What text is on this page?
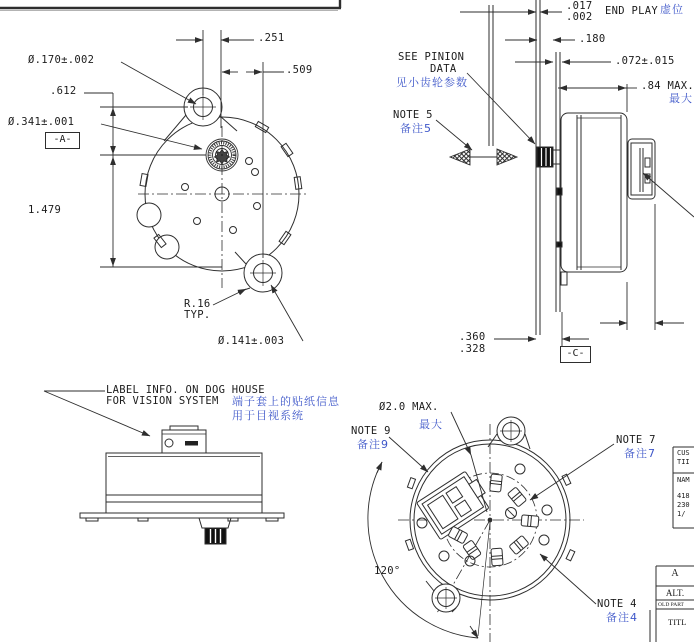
.251
.509
Ø.170±.002
.612
Ø.341±.001
-A-
1.479
R.16
TYP.
Ø.141±.003
.017
.002 END PLAY 虚位
.180
SEE PINION
DATA
见小齿轮参数
.072±.015
.84 MAX.
最大
NOTE 5
备注5
.360
.328	-C-
LABEL INFO. ON DOG HOUSE
FOR VISION SYSTEM 端子套上的贴纸信息
用于目视系统
Ø2.0 MAX.
最大
NOTE 9
备注9	NOTE 7
备注7
NOTE 4
备注4
120°
CUS
TII
NAM
418
230
1/
A
ALT.
OLD PART
TITL
